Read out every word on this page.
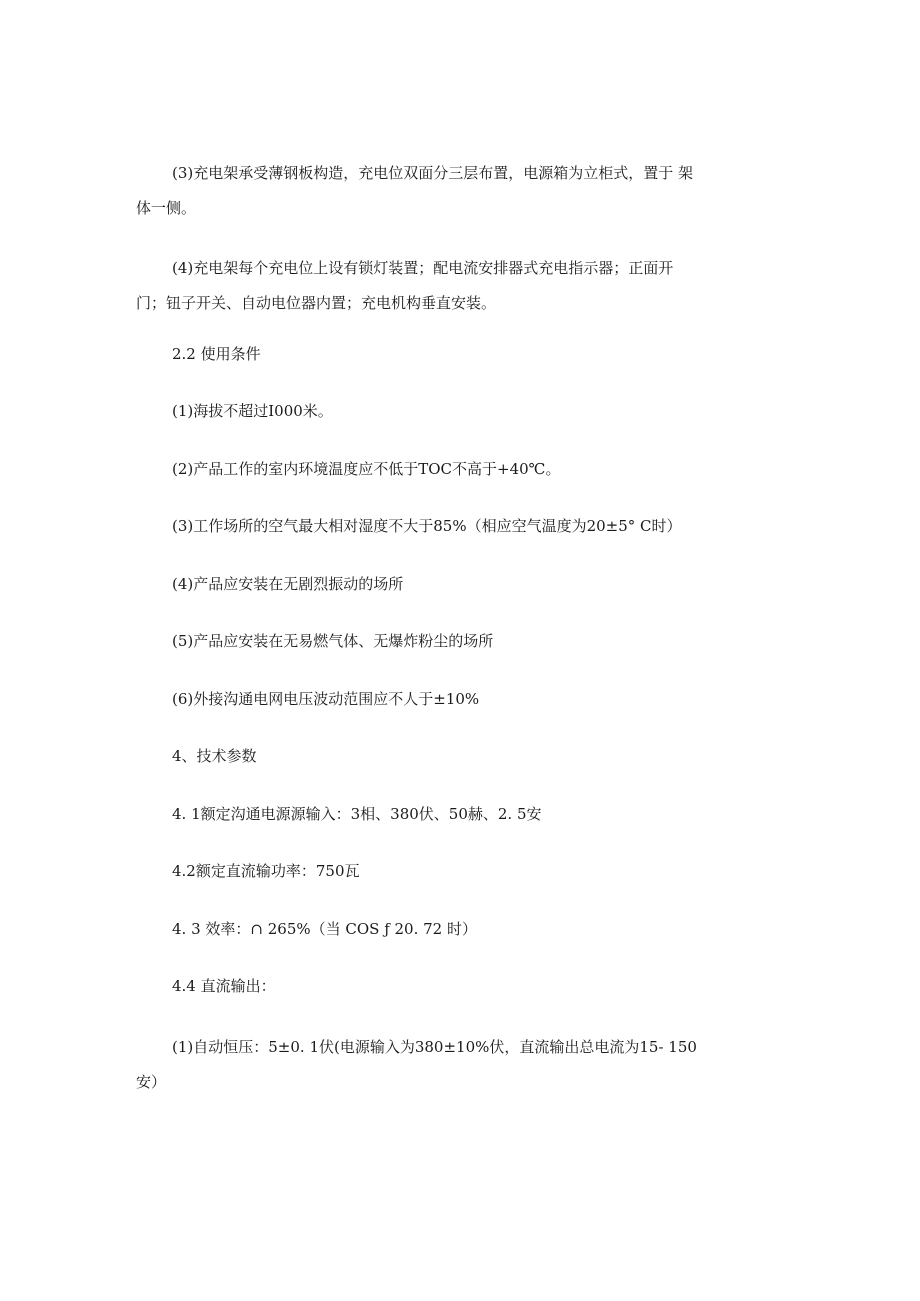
(3)充电架承受薄钢板构造，充电位双面分三层布置，电源箱为立柜式，置于 架
体一侧。
(4)充电架每个充电位上设有锁灯装置；配电流安排器式充电指示器；正面开
门；钮子开关、自动电位器内置；充电机构垂直安装。
2.2 使用条件
(1)海拔不超过I000米。
(2)产品工作的室内环境温度应不低于TOC不高于+40℃。
(3)工作场所的空气最大相对湿度不大于85%（相应空气温度为20±5° C时）
(4)产品应安装在无剧烈振动的场所
(5)产品应安装在无易燃气体、无爆炸粉尘的场所
(6)外接沟通电网电压波动范围应不人于±10%
4、技术参数
4. 1额定沟通电源源输入：3相、380伏、50赫、2. 5安
4.2额定直流输功率：750瓦
4. 3 效率：∩ 265%（当 COS ƒ 20. 72 时）
4.4 直流输出：
(1)自动恒压：5±0. 1伏(电源输入为380±10%伏，直流输出总电流为15- 150
安）
